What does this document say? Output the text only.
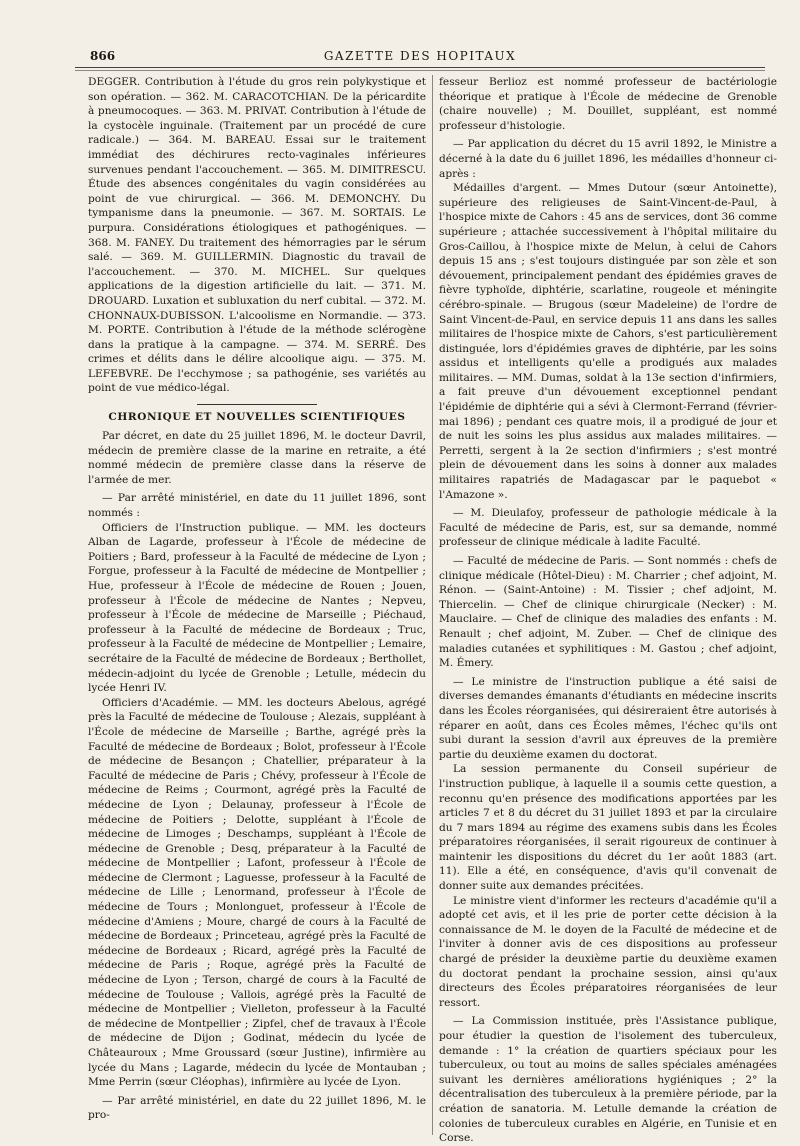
866	GAZETTE DES HOPITAUX

DEGGER. Contribution à l'étude du gros rein polykystique et son opération. — 362. M. CARACOTCHIAN. De la péricardite à pneumocoques. — 363. M. PRIVAT. Contribution à l'étude de la cystocèle inguinale. (Traitement par un procédé de cure radicale.) — 364. M. BAREAU. Essai sur le traitement immédiat des déchirures recto-vaginales inférieures survenues pendant l'accouchement. — 365. M. DIMITRESCU. Étude des absences congénitales du vagin considérées au point de vue chirurgical. — 366. M. DEMONCHY. Du tympanisme dans la pneumonie. — 367. M. SORTAIS. Le purpura. Considérations étiologiques et pathogéniques. — 368. M. FANEY. Du traitement des hémorragies par le sérum salé. — 369. M. GUILLERMIN. Diagnostic du travail de l'accouchement. — 370. M. MICHEL. Sur quelques applications de la digestion artificielle du lait. — 371. M. DROUARD. Luxation et subluxation du nerf cubital. — 372. M. CHONNAUX-DUBISSON. L'alcoolisme en Normandie. — 373. M. PORTE. Contribution à l'étude de la méthode sclérogène dans la pratique à la campagne. — 374. M. SERRÉ. Des crimes et délits dans le délire alcoolique aigu. — 375. M. LEFEBVRE. De l'ecchymose ; sa pathogénie, ses variétés au point de vue médico-légal.

CHRONIQUE ET NOUVELLES SCIENTIFIQUES

Par décret, en date du 25 juillet 1896, M. le docteur Davril, médecin de première classe de la marine en retraite, a été nommé médecin de première classe dans la réserve de l'armée de mer.

— Par arrêté ministériel, en date du 11 juillet 1896, sont nommés :

Officiers de l'Instruction publique. — MM. les docteurs Alban de Lagarde, professeur à l'École de médecine de Poitiers ; Bard, professeur à la Faculté de médecine de Lyon ; Forgue, professeur à la Faculté de médecine de Montpellier ; Hue, professeur à l'École de médecine de Rouen ; Jouen, professeur à l'École de médecine de Nantes ; Nepveu, professeur à l'École de médecine de Marseille ; Piéchaud, professeur à la Faculté de médecine de Bordeaux ; Truc, professeur à la Faculté de médecine de Montpellier ; Lemaire, secrétaire de la Faculté de médecine de Bordeaux ; Berthollet, médecin-adjoint du lycée de Grenoble ; Letulle, médecin du lycée Henri IV.

Officiers d'Académie. — MM. les docteurs Abelous, agrégé près la Faculté de médecine de Toulouse ; Alezais, suppléant à l'École de médecine de Marseille ; Barthe, agrégé près la Faculté de médecine de Bordeaux ; Bolot, professeur à l'École de médecine de Besançon ; Chatellier, préparateur à la Faculté de médecine de Paris ; Chévy, professeur à l'École de médecine de Reims ; Courmont, agrégé près la Faculté de médecine de Lyon ; Delaunay, professeur à l'École de médecine de Poitiers ; Delotte, suppléant à l'École de médecine de Limoges ; Deschamps, suppléant à l'École de médecine de Grenoble ; Desq, préparateur à la Faculté de médecine de Montpellier ; Lafont, professeur à l'École de médecine de Clermont ; Laguesse, professeur à la Faculté de médecine de Lille ; Lenormand, professeur à l'École de médecine de Tours ; Monlonguet, professeur à l'École de médecine d'Amiens ; Moure, chargé de cours à la Faculté de médecine de Bordeaux ; Princeteau, agrégé près la Faculté de médecine de Bordeaux ; Ricard, agrégé près la Faculté de médecine de Paris ; Roque, agrégé près la Faculté de médecine de Lyon ; Terson, chargé de cours à la Faculté de médecine de Toulouse ; Vallois, agrégé près la Faculté de médecine de Montpellier ; Vielleton, professeur à la Faculté de médecine de Montpellier ; Zipfel, chef de travaux à l'École de médecine de Dijon ; Godinat, médecin du lycée de Châteauroux ; Mme Groussard (sœur Justine), infirmière au lycée du Mans ; Lagarde, médecin du lycée de Montauban ; Mme Perrin (sœur Cléophas), infirmière au lycée de Lyon.

— Par arrêté ministériel, en date du 22 juillet 1896, M. le pro-

fesseur Berlioz est nommé professeur de bactériologie théorique et pratique à l'École de médecine de Grenoble (chaire nouvelle) ; M. Douillet, suppléant, est nommé professeur d'histologie.

— Par application du décret du 15 avril 1892, le Ministre a décerné à la date du 6 juillet 1896, les médailles d'honneur ci-après :

Médailles d'argent. — Mmes Dutour (sœur Antoinette), supérieure des religieuses de Saint-Vincent-de-Paul, à l'hospice mixte de Cahors : 45 ans de services, dont 36 comme supérieure ; attachée successivement à l'hôpital militaire du Gros-Caillou, à l'hospice mixte de Melun, à celui de Cahors depuis 15 ans ; s'est toujours distinguée par son zèle et son dévouement, principalement pendant des épidémies graves de fièvre typhoïde, diphtérie, scarlatine, rougeole et méningite cérébro-spinale. — Brugous (sœur Madeleine) de l'ordre de Saint Vincent-de-Paul, en service depuis 11 ans dans les salles militaires de l'hospice mixte de Cahors, s'est particulièrement distinguée, lors d'épidémies graves de diphtérie, par les soins assidus et intelligents qu'elle a prodigués aux malades militaires. — MM. Dumas, soldat à la 13e section d'infirmiers, a fait preuve d'un dévouement exceptionnel pendant l'épidémie de diphtérie qui a sévi à Clermont-Ferrand (février-mai 1896) ; pendant ces quatre mois, il a prodigué de jour et de nuit les soins les plus assidus aux malades militaires. — Perretti, sergent à la 2e section d'infirmiers ; s'est montré plein de dévouement dans les soins à donner aux malades militaires rapatriés de Madagascar par le paquebot « l'Amazone ».

— M. Dieulafoy, professeur de pathologie médicale à la Faculté de médecine de Paris, est, sur sa demande, nommé professeur de clinique médicale à ladite Faculté.

— Faculté de médecine de Paris. — Sont nommés : chefs de clinique médicale (Hôtel-Dieu) : M. Charrier ; chef adjoint, M. Rénon. — (Saint-Antoine) : M. Tissier ; chef adjoint, M. Thiercelin. — Chef de clinique chirurgicale (Necker) : M. Mauclaire. — Chef de clinique des maladies des enfants : M. Renault ; chef adjoint, M. Zuber. — Chef de clinique des maladies cutanées et syphilitiques : M. Gastou ; chef adjoint, M. Émery.

— Le ministre de l'instruction publique a été saisi de diverses demandes émanants d'étudiants en médecine inscrits dans les Écoles réorganisées, qui désireraient être autorisés à réparer en août, dans ces Écoles mêmes, l'échec qu'ils ont subi durant la session d'avril aux épreuves de la première partie du deuxième examen du doctorat.

La session permanente du Conseil supérieur de l'instruction publique, à laquelle il a soumis cette question, a reconnu qu'en présence des modifications apportées par les articles 7 et 8 du décret du 31 juillet 1893 et par la circulaire du 7 mars 1894 au régime des examens subis dans les Écoles préparatoires réorganisées, il serait rigoureux de continuer à maintenir les dispositions du décret du 1er août 1883 (art. 11). Elle a été, en conséquence, d'avis qu'il convenait de donner suite aux demandes précitées.

Le ministre vient d'informer les recteurs d'académie qu'il a adopté cet avis, et il les prie de porter cette décision à la connaissance de M. le doyen de la Faculté de médecine et de l'inviter à donner avis de ces dispositions au professeur chargé de présider la deuxième partie du deuxième examen du doctorat pendant la prochaine session, ainsi qu'aux directeurs des Écoles préparatoires réorganisées de leur ressort.

— La Commission instituée, près l'Assistance publique, pour étudier la question de l'isolement des tuberculeux, demande : 1° la création de quartiers spéciaux pour les tuberculeux, ou tout au moins de salles spéciales aménagées suivant les dernières améliorations hygiéniques ; 2° la décentralisation des tuberculeux à la première période, par la création de sanatoria. M. Letulle demande la création de colonies de tuberculeux curables en Algérie, en Tunisie et en Corse.
